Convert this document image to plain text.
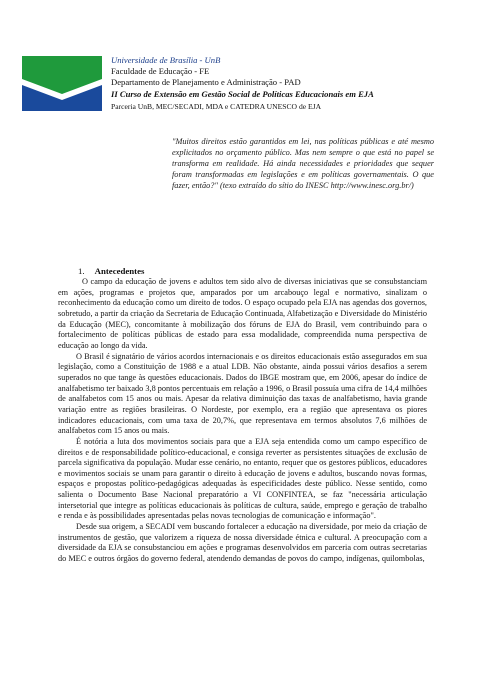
Universidade de Brasília - UnB
Faculdade de Educação - FE
Departamento de Planejamento e Administração - PAD
II Curso de Extensão em Gestão Social de Políticas Educacionais em EJA
Parceria UnB, MEC/SECADI, MDA e CATEDRA UNESCO de EJA
"Muitos direitos estão garantidos em lei, nas políticas públicas e até mesmo explicitados no orçamento público. Mas nem sempre o que está no papel se transforma em realidade. Há ainda necessidades e prioridades que sequer foram transformadas em legislações e em políticas governamentais. O que fazer, então?" (texo extraído do sítio do INESC http://www.inesc.org.br/)
1. Antecedentes

O campo da educação de jovens e adultos tem sido alvo de diversas iniciativas que se consubstanciam em ações, programas e projetos que, amparados por um arcabouço legal e normativo, sinalizam o reconhecimento da educação como um direito de todos. O espaço ocupado pela EJA nas agendas dos governos, sobretudo, a partir da criação da Secretaria de Educação Continuada, Alfabetização e Diversidade do Ministério da Educação (MEC), concomitante à mobilização dos fóruns de EJA do Brasil, vem contribuindo para o fortalecimento de políticas públicas de estado para essa modalidade, compreendida numa perspectiva de educação ao longo da vida.

O Brasil é signatário de vários acordos internacionais e os direitos educacionais estão assegurados em sua legislação, como a Constituição de 1988 e a atual LDB. Não obstante, ainda possui vários desafios a serem superados no que tange às questões educacionais. Dados do IBGE mostram que, em 2006, apesar do índice de analfabetismo ter baixado 3,8 pontos percentuais em relação a 1996, o Brasil possuía uma cifra de 14,4 milhões de analfabetos com 15 anos ou mais. Apesar da relativa diminuição das taxas de analfabetismo, havia grande variação entre as regiões brasileiras. O Nordeste, por exemplo, era a região que apresentava os piores indicadores educacionais, com uma taxa de 20,7%, que representava em termos absolutos 7,6 milhões de analfabetos com 15 anos ou mais.

É notória a luta dos movimentos sociais para que a EJA seja entendida como um campo específico de direitos e de responsabilidade político-educacional, e consiga reverter as persistentes situações de exclusão de parcela significativa da população. Mudar esse cenário, no entanto, requer que os gestores públicos, educadores e movimentos sociais se unam para garantir o direito à educação de jovens e adultos, buscando novas formas, espaços e propostas político-pedagógicas adequadas às especificidades deste público. Nesse sentido, como salienta o Documento Base Nacional preparatório a VI CONFINTEA, se faz "necessária articulação intersetorial que integre as políticas educacionais às políticas de cultura, saúde, emprego e geração de trabalho e renda e às possibilidades apresentadas pelas novas tecnologias de comunicação e informação".

Desde sua origem, a SECADI vem buscando fortalecer a educação na diversidade, por meio da criação de instrumentos de gestão, que valorizem a riqueza de nossa diversidade étnica e cultural. A preocupação com a diversidade da EJA se consubstanciou em ações e programas desenvolvidos em parceria com outras secretarias do MEC e outros órgãos do governo federal, atendendo demandas de povos do campo, indígenas, quilombolas,
